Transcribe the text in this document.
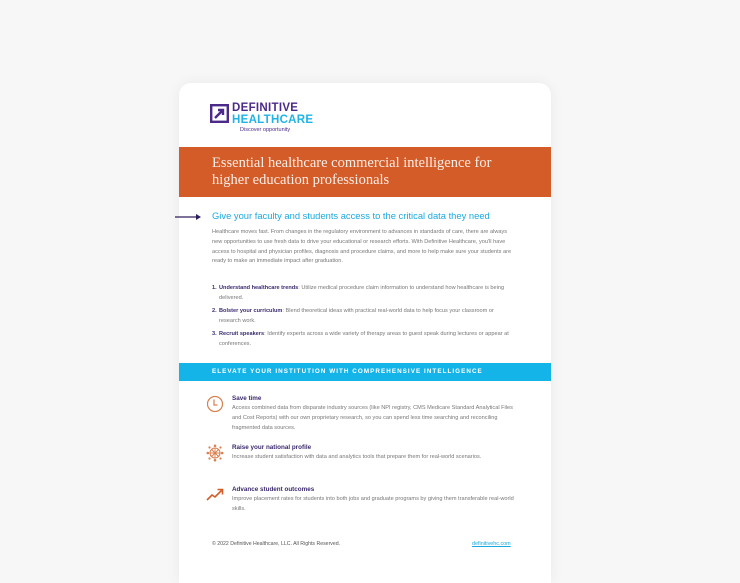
DEFINITIVE
HEALTHCARE
Discover opportunity
Essential healthcare commercial intelligence for higher education professionals
Give your faculty and students access to the critical data they need
Healthcare moves fast. From changes in the regulatory environment to advances in standards of care, there are always new opportunities to use fresh data to drive your educational or research efforts. With Definitive Healthcare, you'll have access to hospital and physician profiles, diagnosis and procedure claims, and more to help make sure your students are ready to make an immediate impact after graduation.
1. Understand healthcare trends: Utilize medical procedure claim information to understand how healthcare is being delivered.
2. Bolster your curriculum: Blend theoretical ideas with practical real-world data to help focus your classroom or research work.
3. Recruit speakers: Identify experts across a wide variety of therapy areas to guest speak during lectures or appear at conferences.
ELEVATE YOUR INSTITUTION WITH COMPREHENSIVE INTELLIGENCE
Save time
Access combined data from disparate industry sources (like NPI registry, CMS Medicare Standard Analytical Files and Cost Reports) with our own proprietary research, so you can spend less time searching and reconciling fragmented data sources.
Raise your national profile
Increase student satisfaction with data and analytics tools that prepare them for real-world scenarios.
Advance student outcomes
Improve placement rates for students into both jobs and graduate programs by giving them transferable real-world skills.
© 2022 Definitive Healthcare, LLC. All Rights Reserved.	definitivehc.com
